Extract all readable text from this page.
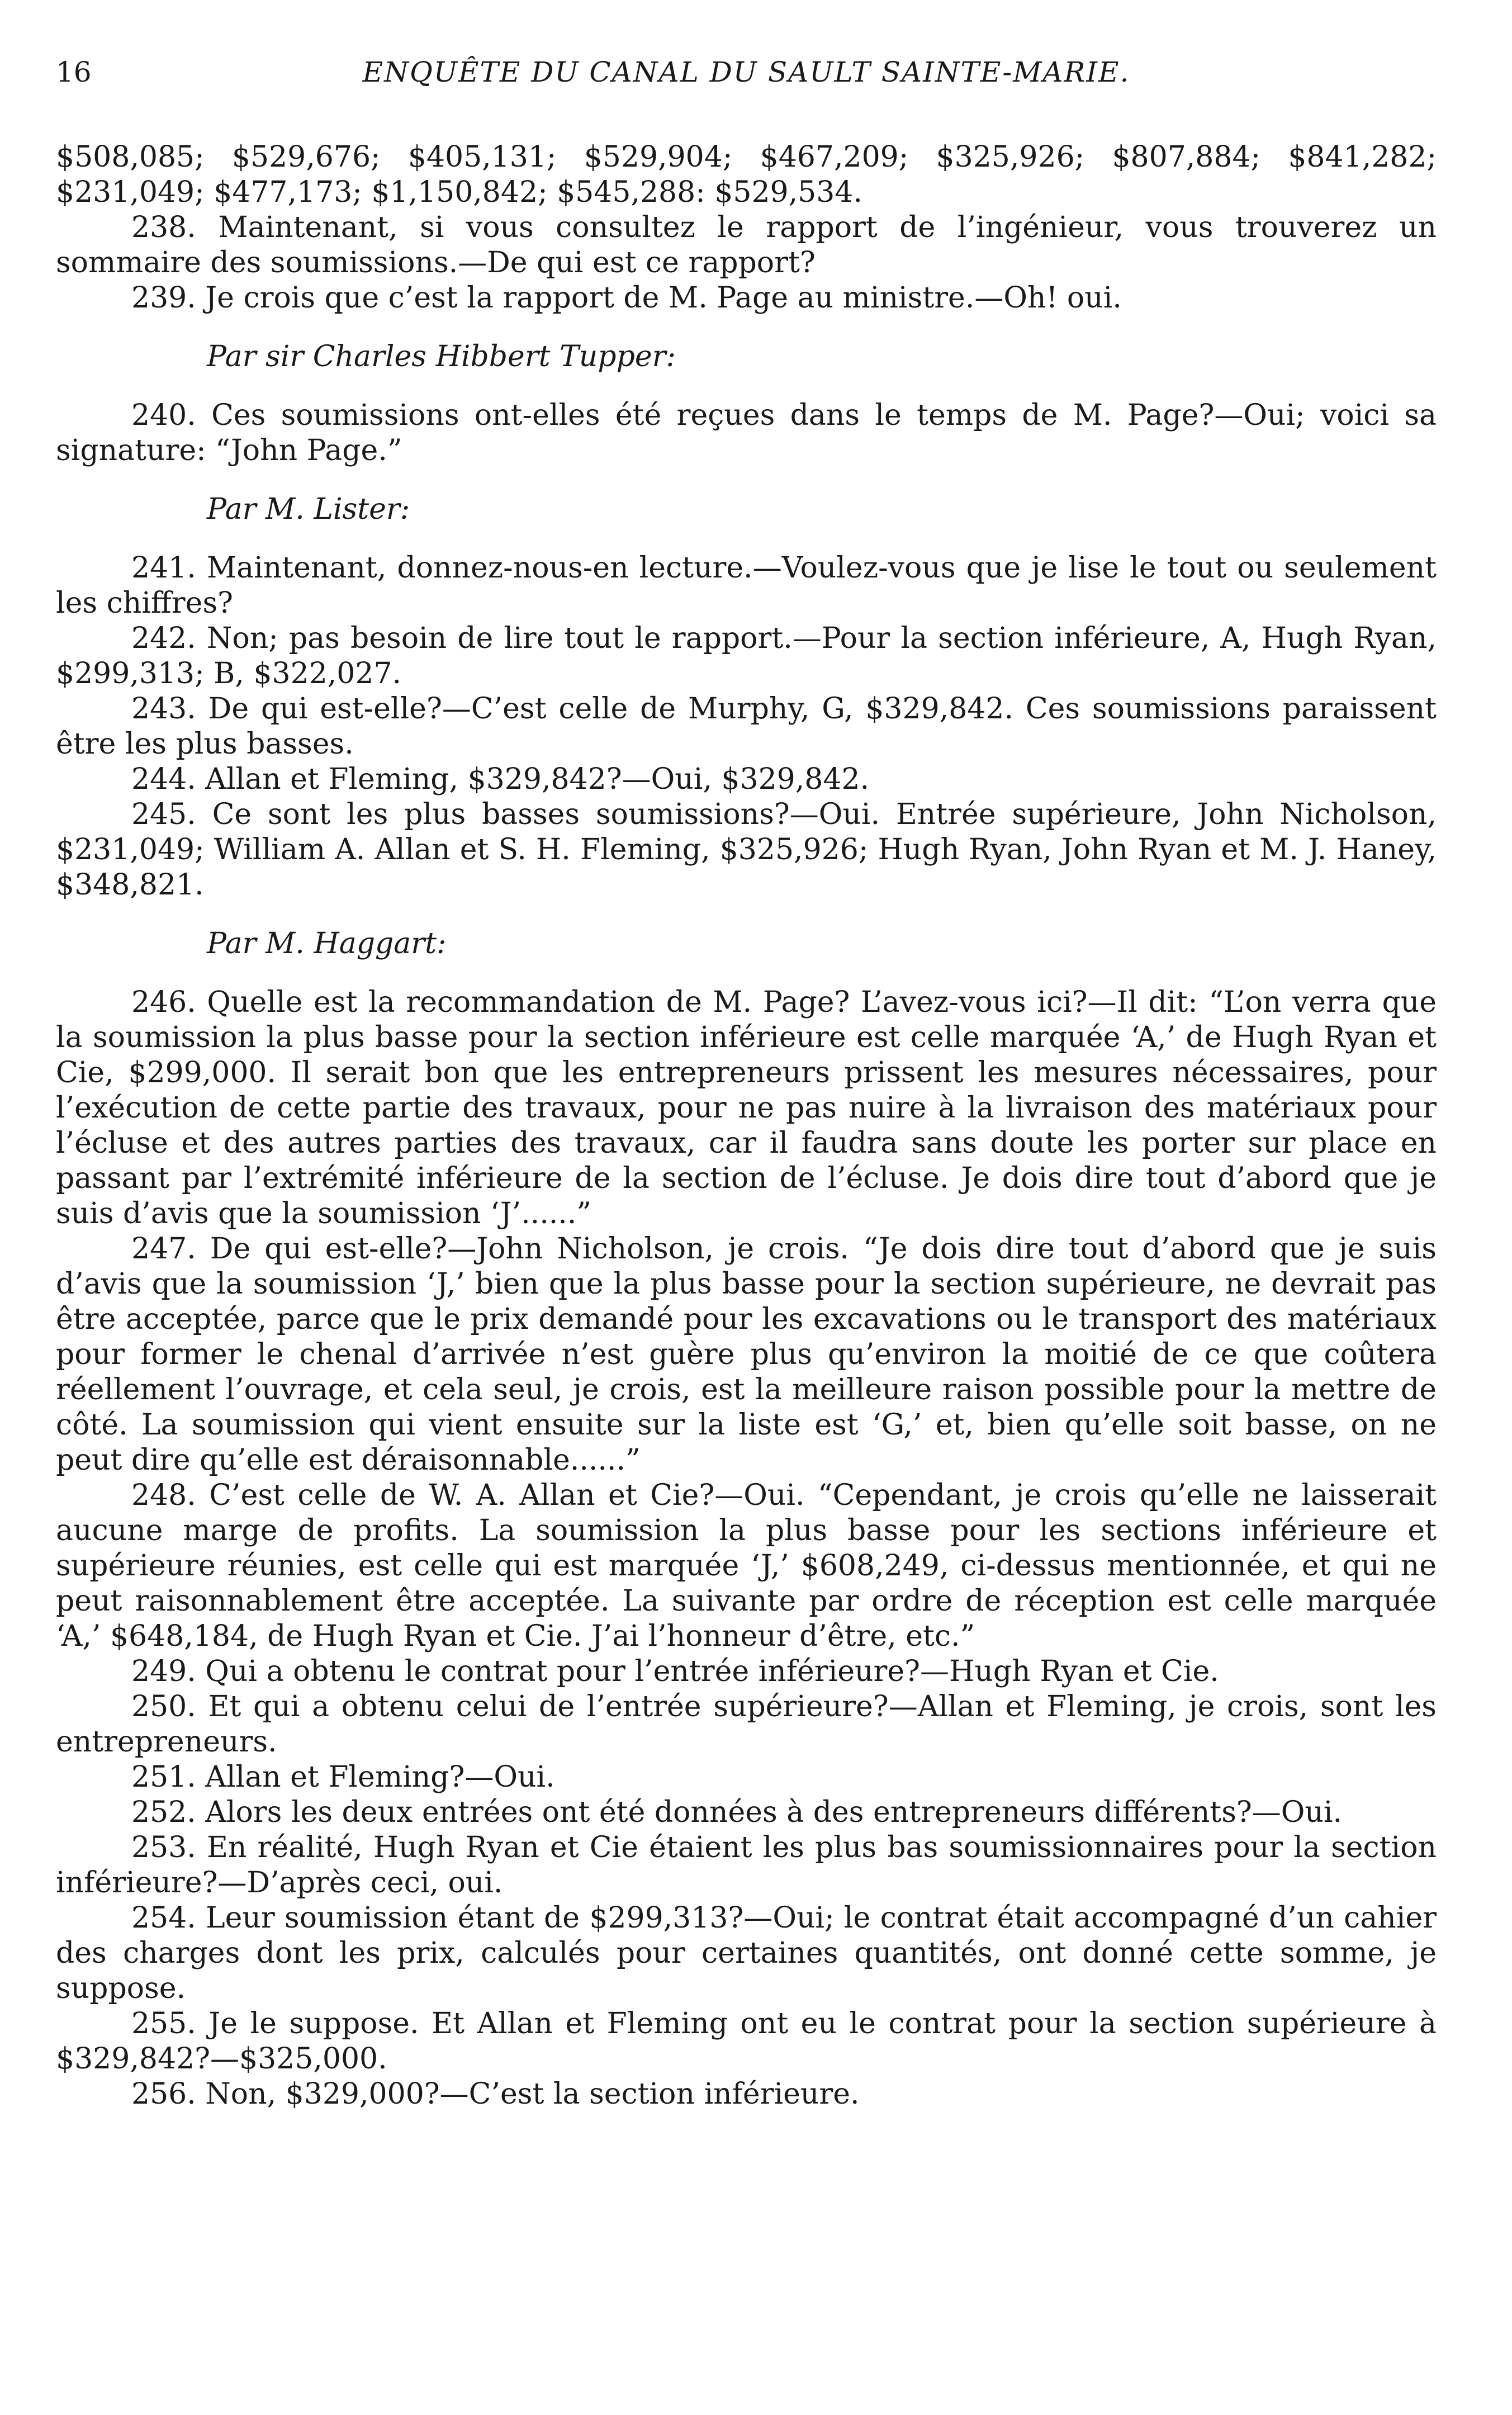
16	ENQUÊTE DU CANAL DU SAULT SAINTE-MARIE.

$508,085; $529,676; $405,131; $529,904; $467,209; $325,926; $807,884; $841,282; $231,049; $477,173; $1,150,842; $545,288: $529,534.

238. Maintenant, si vous consultez le rapport de l’ingénieur, vous trouverez un sommaire des soumissions.—De qui est ce rapport?

239. Je crois que c’est la rapport de M. Page au ministre.—Oh! oui.

Par sir Charles Hibbert Tupper:

240. Ces soumissions ont-elles été reçues dans le temps de M. Page?—Oui; voici sa signature: “John Page.”

Par M. Lister:

241. Maintenant, donnez-nous-en lecture.—Voulez-vous que je lise le tout ou seulement les chiffres?

242. Non; pas besoin de lire tout le rapport.—Pour la section inférieure, A, Hugh Ryan, $299,313; B, $322,027.

243. De qui est-elle?—C’est celle de Murphy, G, $329,842. Ces soumissions paraissent être les plus basses.

244. Allan et Fleming, $329,842?—Oui, $329,842.

245. Ce sont les plus basses soumissions?—Oui. Entrée supérieure, John Nicholson, $231,049; William A. Allan et S. H. Fleming, $325,926; Hugh Ryan, John Ryan et M. J. Haney, $348,821.

Par M. Haggart:

246. Quelle est la recommandation de M. Page? L’avez-vous ici?—Il dit: “L’on verra que la soumission la plus basse pour la section inférieure est celle marquée ‘A,’ de Hugh Ryan et Cie, $299,000. Il serait bon que les entrepreneurs prissent les mesures nécessaires, pour l’exécution de cette partie des travaux, pour ne pas nuire à la livraison des matériaux pour l’écluse et des autres parties des travaux, car il faudra sans doute les porter sur place en passant par l’extrémité inférieure de la section de l’écluse. Je dois dire tout d’abord que je suis d’avis que la soumission ‘J’......”

247. De qui est-elle?—John Nicholson, je crois. “Je dois dire tout d’abord que je suis d’avis que la soumission ‘J,’ bien que la plus basse pour la section supérieure, ne devrait pas être acceptée, parce que le prix demandé pour les excavations ou le transport des matériaux pour former le chenal d’arrivée n’est guère plus qu’environ la moitié de ce que coûtera réellement l’ouvrage, et cela seul, je crois, est la meilleure raison possible pour la mettre de côté. La soumission qui vient ensuite sur la liste est ‘G,’ et, bien qu’elle soit basse, on ne peut dire qu’elle est déraisonnable......”

248. C’est celle de W. A. Allan et Cie?—Oui. “Cependant, je crois qu’elle ne laisserait aucune marge de profits. La soumission la plus basse pour les sections inférieure et supérieure réunies, est celle qui est marquée ‘J,’ $608,249, ci-dessus mentionnée, et qui ne peut raisonnablement être acceptée. La suivante par ordre de réception est celle marquée ‘A,’ $648,184, de Hugh Ryan et Cie. J’ai l’honneur d’être, etc.”

249. Qui a obtenu le contrat pour l’entrée inférieure?—Hugh Ryan et Cie.

250. Et qui a obtenu celui de l’entrée supérieure?—Allan et Fleming, je crois, sont les entrepreneurs.

251. Allan et Fleming?—Oui.

252. Alors les deux entrées ont été données à des entrepreneurs différents?—Oui.

253. En réalité, Hugh Ryan et Cie étaient les plus bas soumissionnaires pour la section inférieure?—D’après ceci, oui.

254. Leur soumission étant de $299,313?—Oui; le contrat était accompagné d’un cahier des charges dont les prix, calculés pour certaines quantités, ont donné cette somme, je suppose.

255. Je le suppose. Et Allan et Fleming ont eu le contrat pour la section supérieure à $329,842?—$325,000.

256. Non, $329,000?—C’est la section inférieure.
